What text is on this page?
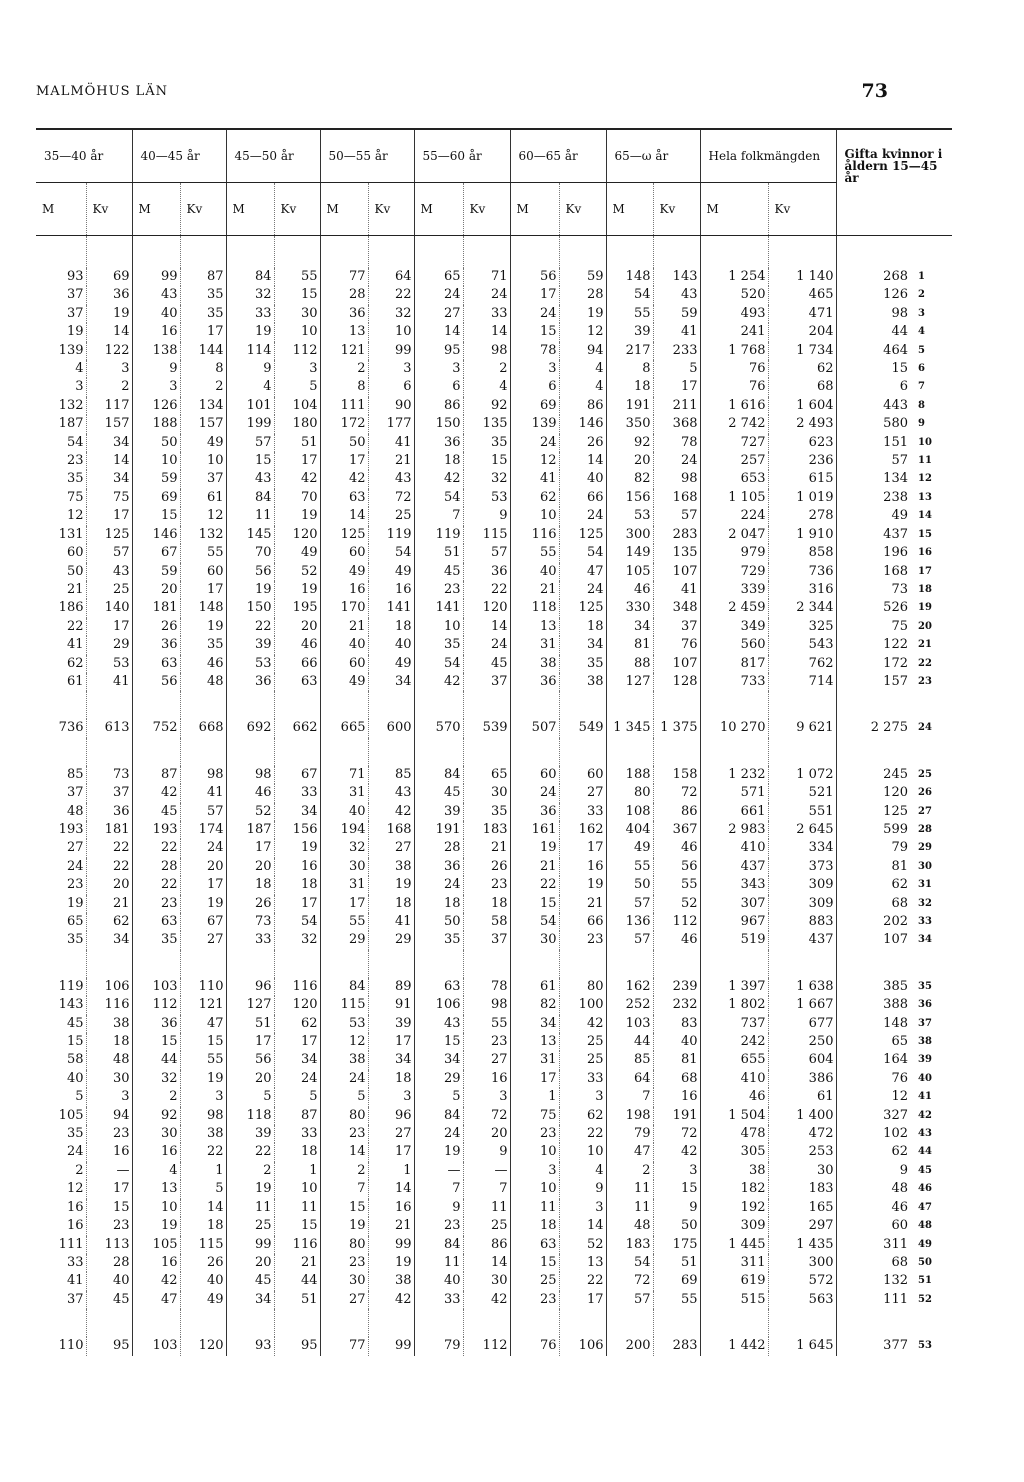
MALMÖHUS LÄN	73
35—40 år		40—45 år		45—50 år		50—55 år		55—60 år		60—65 år		65—ω år		Hela folkmängden		Gifta kvinnor i åldern 15—45 år	
M	Kv	M	Kv	M	Kv	M	Kv	M	Kv	M	Kv	M	Kv	M	Kv		

93	69	99	87	84	55	77	64	65	71	56	59	148	143	1 254	1 140	268	1
37	36	43	35	32	15	28	22	24	24	17	28	54	43	520	465	126	2
37	19	40	35	33	30	36	32	27	33	24	19	55	59	493	471	98	3
19	14	16	17	19	10	13	10	14	14	15	12	39	41	241	204	44	4
139	122	138	144	114	112	121	99	95	98	78	94	217	233	1 768	1 734	464	5
4	3	9	8	9	3	2	3	3	2	3	4	8	5	76	62	15	6
3	2	3	2	4	5	8	6	6	4	6	4	18	17	76	68	6	7
132	117	126	134	101	104	111	90	86	92	69	86	191	211	1 616	1 604	443	8
187	157	188	157	199	180	172	177	150	135	139	146	350	368	2 742	2 493	580	9
54	34	50	49	57	51	50	41	36	35	24	26	92	78	727	623	151	10
23	14	10	10	15	17	17	21	18	15	12	14	20	24	257	236	57	11
35	34	59	37	43	42	42	43	42	32	41	40	82	98	653	615	134	12
75	75	69	61	84	70	63	72	54	53	62	66	156	168	1 105	1 019	238	13
12	17	15	12	11	19	14	25	7	9	10	24	53	57	224	278	49	14
131	125	146	132	145	120	125	119	119	115	116	125	300	283	2 047	1 910	437	15
60	57	67	55	70	49	60	54	51	57	55	54	149	135	979	858	196	16
50	43	59	60	56	52	49	49	45	36	40	47	105	107	729	736	168	17
21	25	20	17	19	19	16	16	23	22	21	24	46	41	339	316	73	18
186	140	181	148	150	195	170	141	141	120	118	125	330	348	2 459	2 344	526	19
22	17	26	19	22	20	21	18	10	14	13	18	34	37	349	325	75	20
41	29	36	35	39	46	40	40	35	24	31	34	81	76	560	543	122	21
62	53	63	46	53	66	60	49	54	45	38	35	88	107	817	762	172	22
61	41	56	48	36	63	49	34	42	37	36	38	127	128	733	714	157	23

736	613	752	668	692	662	665	600	570	539	507	549	1 345	1 375	10 270	9 621	2 275	24

85	73	87	98	98	67	71	85	84	65	60	60	188	158	1 232	1 072	245	25
37	37	42	41	46	33	31	43	45	30	24	27	80	72	571	521	120	26
48	36	45	57	52	34	40	42	39	35	36	33	108	86	661	551	125	27
193	181	193	174	187	156	194	168	191	183	161	162	404	367	2 983	2 645	599	28
27	22	22	24	17	19	32	27	28	21	19	17	49	46	410	334	79	29
24	22	28	20	20	16	30	38	36	26	21	16	55	56	437	373	81	30
23	20	22	17	18	18	31	19	24	23	22	19	50	55	343	309	62	31
19	21	23	19	26	17	17	18	18	18	15	21	57	52	307	309	68	32
65	62	63	67	73	54	55	41	50	58	54	66	136	112	967	883	202	33
35	34	35	27	33	32	29	29	35	37	30	23	57	46	519	437	107	34

119	106	103	110	96	116	84	89	63	78	61	80	162	239	1 397	1 638	385	35
143	116	112	121	127	120	115	91	106	98	82	100	252	232	1 802	1 667	388	36
45	38	36	47	51	62	53	39	43	55	34	42	103	83	737	677	148	37
15	18	15	15	17	17	12	17	15	23	13	25	44	40	242	250	65	38
58	48	44	55	56	34	38	34	34	27	31	25	85	81	655	604	164	39
40	30	32	19	20	24	24	18	29	16	17	33	64	68	410	386	76	40
5	3	2	3	5	5	5	3	5	3	1	3	7	16	46	61	12	41
105	94	92	98	118	87	80	96	84	72	75	62	198	191	1 504	1 400	327	42
35	23	30	38	39	33	23	27	24	20	23	22	79	72	478	472	102	43
24	16	16	22	22	18	14	17	19	9	10	10	47	42	305	253	62	44
2	—	4	1	2	1	2	1	—	—	3	4	2	3	38	30	9	45
12	17	13	5	19	10	7	14	7	7	10	9	11	15	182	183	48	46
16	15	10	14	11	11	15	16	9	11	11	3	11	9	192	165	46	47
16	23	19	18	25	15	19	21	23	25	18	14	48	50	309	297	60	48
111	113	105	115	99	116	80	99	84	86	63	52	183	175	1 445	1 435	311	49
33	28	16	26	20	21	23	19	11	14	15	13	54	51	311	300	68	50
41	40	42	40	45	44	30	38	40	30	25	22	72	69	619	572	132	51
37	45	47	49	34	51	27	42	33	42	23	17	57	55	515	563	111	52

110	95	103	120	93	95	77	99	79	112	76	106	200	283	1 442	1 645	377	53
